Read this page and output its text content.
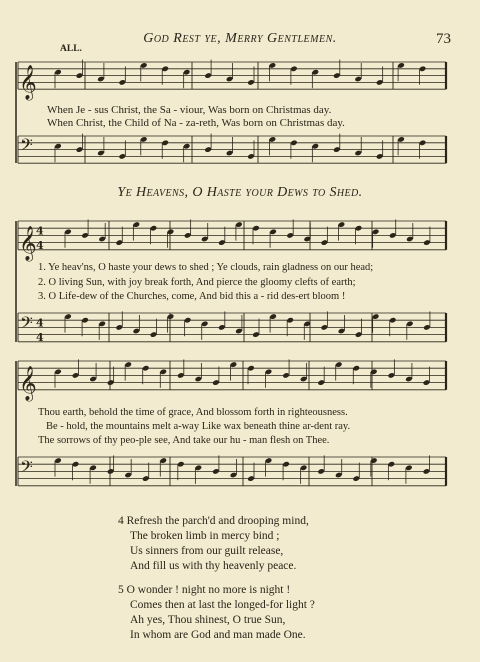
God Rest ye, Merry Gentlemen.	73
𝄞
𝄢
𝄞 4
4
𝄢 4
4
𝄞
𝄢
ALL.
When Je - sus Christ, the Sa - viour, Was born on Christmas day.
When Christ, the Child of Na - za-reth, Was born on Christmas day.
Ye Heavens, O Haste your Dews to Shed.
1. Ye heav'ns, O haste your dews to shed ; Ye clouds, rain gladness on our head;
2. O living Sun, with joy break forth, And pierce the gloomy clefts of earth;
3. O Life-dew of the Churches, come, And bid this a - rid des-ert bloom !
Thou earth, behold the time of grace, And blossom forth in righteousness.
Be - hold, the mountains melt a-way Like wax beneath thine ar-dent ray.
The sorrows of thy peo-ple see, And take our hu - man flesh on Thee.
4 Refresh the parch'd and drooping mind,
The broken limb in mercy bind ;
Us sinners from our guilt release,
And fill us with thy heavenly peace.
5 O wonder ! night no more is night !
Comes then at last the longed-for light ?
Ah yes, Thou shinest, O true Sun,
In whom are God and man made One.
